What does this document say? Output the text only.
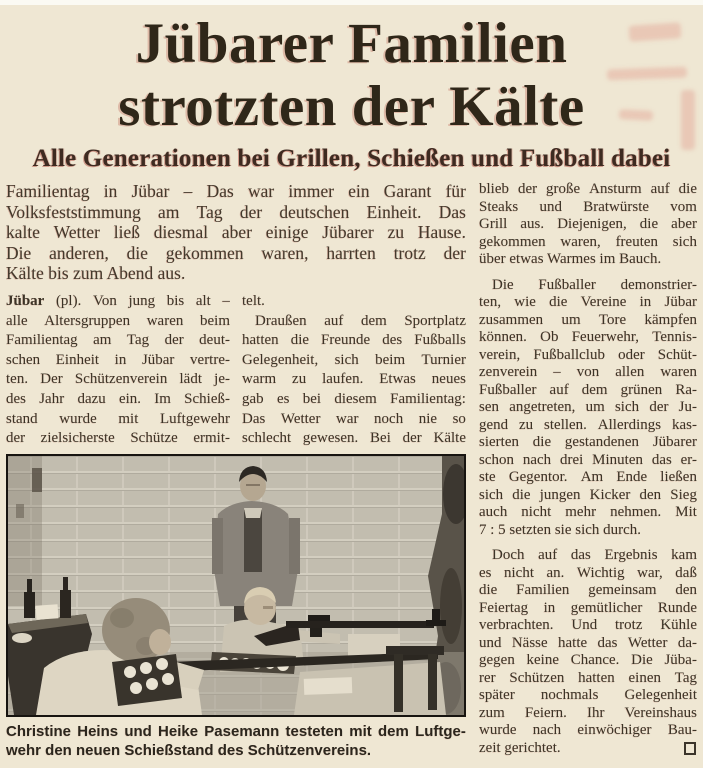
Jübarer Familien
strotzten der Kälte
Alle Generationen bei Grillen, Schießen und Fußball dabei
Familientag in Jübar – Das war immer ein Garant für
Volksfeststimmung am Tag der deutschen Einheit. Das
kalte Wetter ließ diesmal aber einige Jübarer zu Hause.
Die anderen, die gekommen waren, harrten trotz der
Kälte bis zum Abend aus.
Jübar (pl). Von jung bis alt –
alle Altersgruppen waren beim
Familientag am Tag der deut-
schen Einheit in Jübar vertre-
ten. Der Schützenverein lädt je-
des Jahr dazu ein. Im Schieß-
stand wurde mit Luftgewehr
der zielsicherste Schütze ermit-
telt.
Draußen auf dem Sportplatz
hatten die Freunde des Fußballs
Gelegenheit, sich beim Turnier
warm zu laufen. Etwas neues
gab es bei diesem Familientag:
Das Wetter war noch nie so
schlecht gewesen. Bei der Kälte
Christine Heins und Heike Pasemann testeten mit dem Luftge-
wehr den neuen Schießstand des Schützenvereins.
blieb der große Ansturm auf die
Steaks und Bratwürste vom
Grill aus. Diejenigen, die aber
gekommen waren, freuten sich
über etwas Warmes im Bauch.
Die Fußballer demonstrier-
ten, wie die Vereine in Jübar
zusammen um Tore kämpfen
können. Ob Feuerwehr, Tennis-
verein, Fußballclub oder Schüt-
zenverein – von allen waren
Fußballer auf dem grünen Ra-
sen angetreten, um sich der Ju-
gend zu stellen. Allerdings kas-
sierten die gestandenen Jübarer
schon nach drei Minuten das er-
ste Gegentor. Am Ende ließen
sich die jungen Kicker den Sieg
auch nicht mehr nehmen. Mit
7 : 5 setzten sie sich durch.
Doch auf das Ergebnis kam
es nicht an. Wichtig war, daß
die Familien gemeinsam den
Feiertag in gemütlicher Runde
verbrachten. Und trotz Kühle
und Nässe hatte das Wetter da-
gegen keine Chance. Die Jüba-
rer Schützen hatten einen Tag
später nochmals Gelegenheit
zum Feiern. Ihr Vereinshaus
wurde nach einwöchiger Bau-
zeit gerichtet.
